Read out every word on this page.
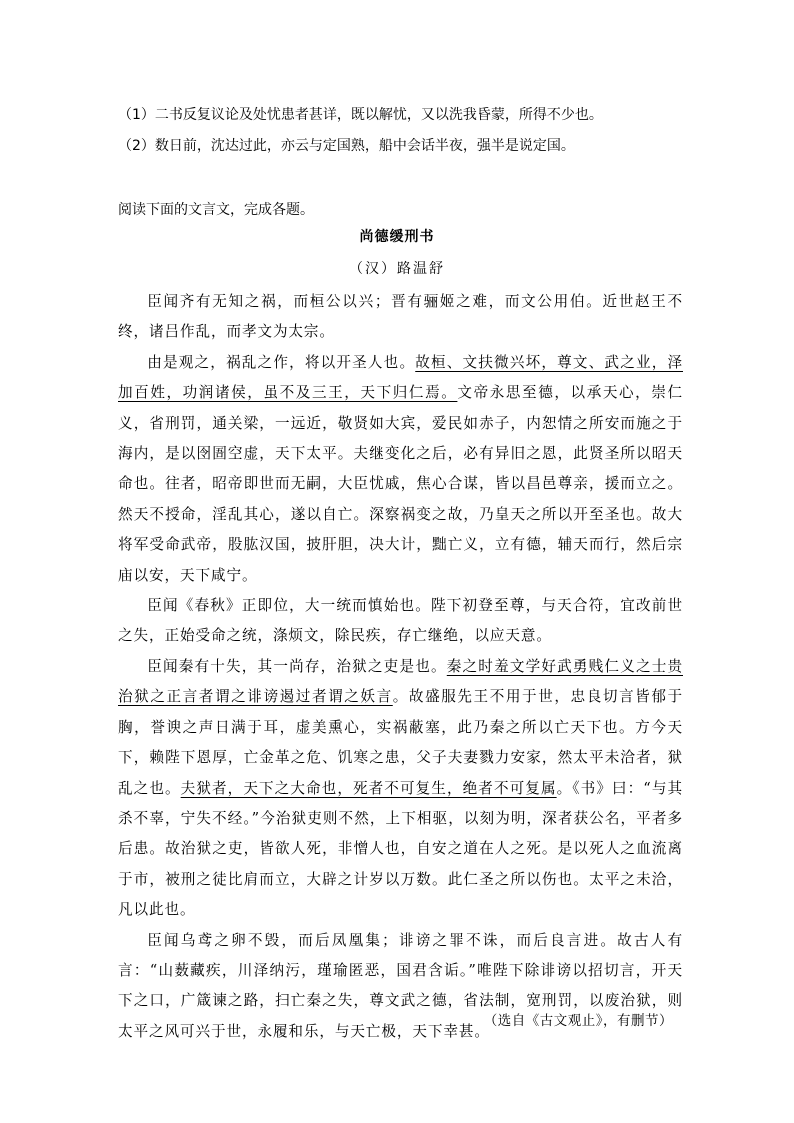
（1）二书反复议论及处忧患者甚详，既以解忧，又以洗我昏蒙，所得不少也。
（2）数日前，沈达过此，亦云与定国熟，船中会话半夜，强半是说定国。
阅读下面的文言文，完成各题。
尚德缓刑书
（汉）路温舒

臣闻齐有无知之祸，而桓公以兴；晋有骊姬之难，而文公用伯。近世赵王不终，诸吕作乱，而孝文为太宗。

由是观之，祸乱之作，将以开圣人也。故桓、文扶微兴坏，尊文、武之业，泽加百姓，功润诸侯，虽不及三王，天下归仁焉。文帝永思至德，以承天心，崇仁义，省刑罚，通关梁，一远近，敬贤如大宾，爱民如赤子，内恕情之所安而施之于海内，是以囹圄空虚，天下太平。夫继变化之后，必有异旧之恩，此贤圣所以昭天命也。往者，昭帝即世而无嗣，大臣忧戚，焦心合谋，皆以昌邑尊亲，援而立之。然天不授命，淫乱其心，遂以自亡。深察祸变之故，乃皇天之所以开至圣也。故大将军受命武帝，股肱汉国，披肝胆，决大计，黜亡义，立有德，辅天而行，然后宗庙以安，天下咸宁。

臣闻《春秋》正即位，大一统而慎始也。陛下初登至尊，与天合符，宜改前世之失，正始受命之统，涤烦文，除民疾，存亡继绝，以应天意。

臣闻秦有十失，其一尚存，治狱之吏是也。秦之时羞文学好武勇贱仁义之士贵治狱之正言者谓之诽谤遏过者谓之妖言。故盛服先王不用于世，忠良切言皆郁于胸，誉谀之声日满于耳，虚美熏心，实祸蔽塞，此乃秦之所以亡天下也。方今天下，赖陛下恩厚，亡金革之危、饥寒之患，父子夫妻戮力安家，然太平未洽者，狱乱之也。夫狱者，天下之大命也，死者不可复生，绝者不可复属。《书》曰：“与其杀不辜，宁失不经。”今治狱吏则不然，上下相驱，以刻为明，深者获公名，平者多后患。故治狱之吏，皆欲人死，非憎人也，自安之道在人之死。是以死人之血流离于市，被刑之徒比肩而立，大辟之计岁以万数。此仁圣之所以伤也。太平之未洽，凡以此也。

臣闻乌鸢之卵不毁，而后凤凰集；诽谤之罪不诛，而后良言进。故古人有言：“山薮藏疾，川泽纳污，瑾瑜匿恶，国君含诟。”唯陛下除诽谤以招切言，开天下之口，广箴谏之路，扫亡秦之失，尊文武之德，省法制，宽刑罚，以废治狱，则太平之风可兴于世，永履和乐，与天亡极，天下幸甚。

（选自《古文观止》，有删节）
